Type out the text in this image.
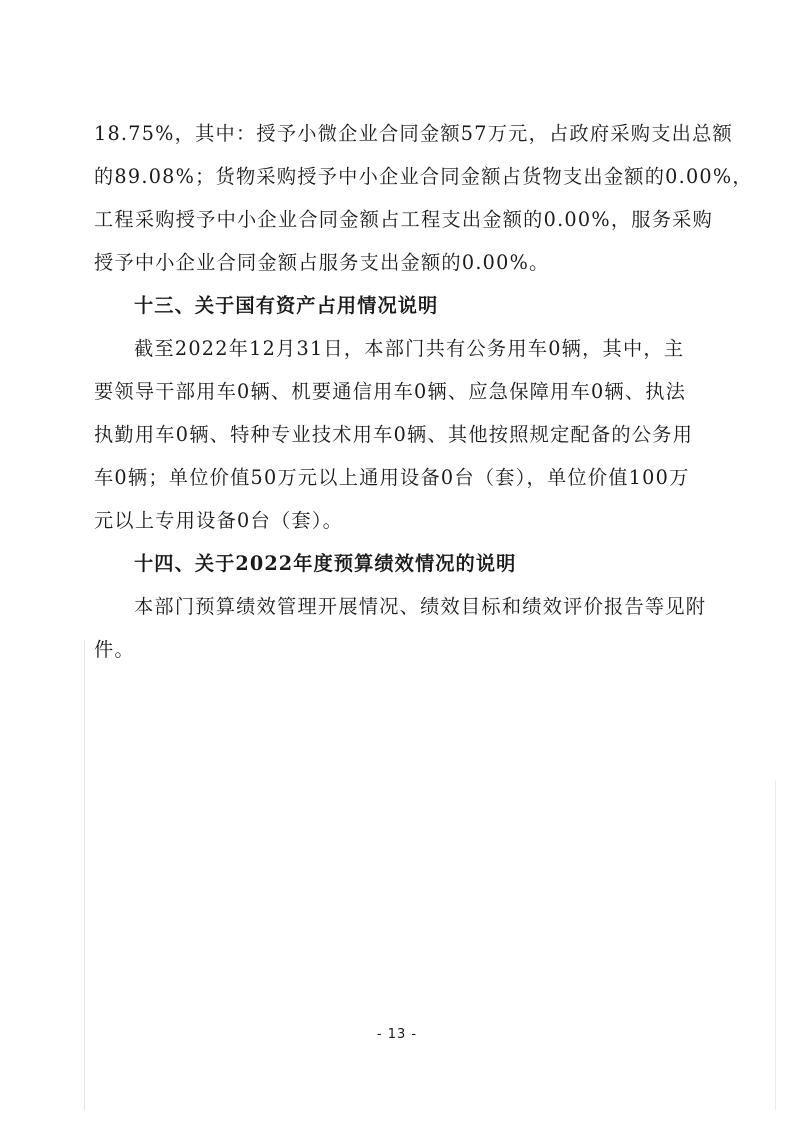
18.75%，其中：授予小微企业合同金额57万元，占政府采购支出总额
的89.08%；货物采购授予中小企业合同金额占货物支出金额的0.00%，
工程采购授予中小企业合同金额占工程支出金额的0.00%，服务采购
授予中小企业合同金额占服务支出金额的0.00%。
十三、关于国有资产占用情况说明
截至2022年12月31日，本部门共有公务用车0辆，其中，主
要领导干部用车0辆、机要通信用车0辆、应急保障用车0辆、执法
执勤用车0辆、特种专业技术用车0辆、其他按照规定配备的公务用
车0辆；单位价值50万元以上通用设备0台（套），单位价值100万
元以上专用设备0台（套）。
十四、关于2022年度预算绩效情况的说明
本部门预算绩效管理开展情况、绩效目标和绩效评价报告等见附
件。
- 13 -
